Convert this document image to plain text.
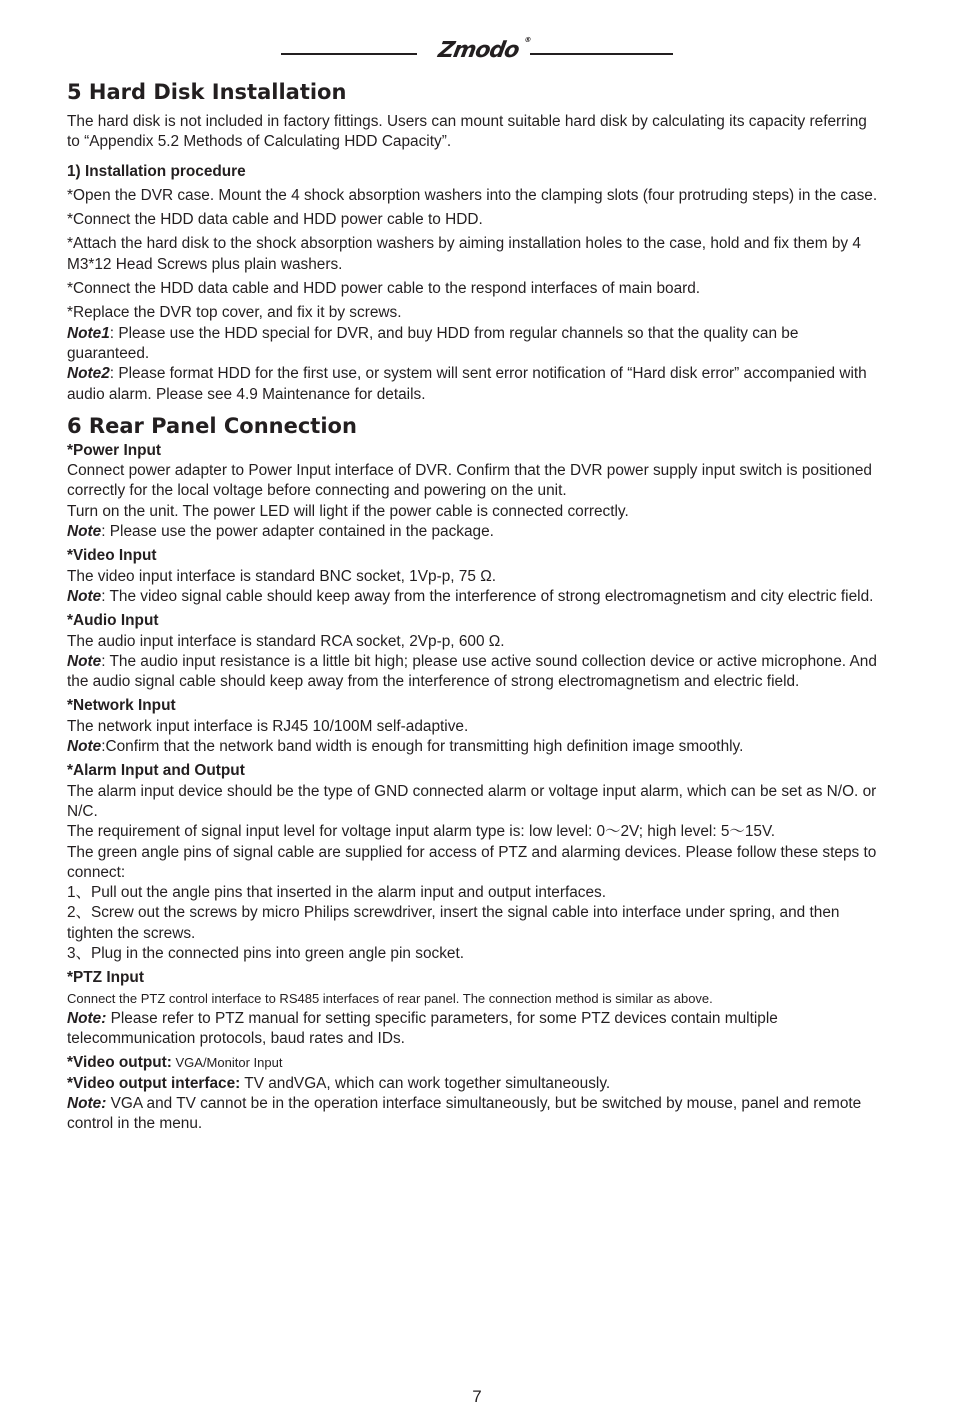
Zmodo ®
5 Hard Disk Installation

The hard disk is not included in factory fittings. Users can mount suitable hard disk by calculating its capacity referring to “Appendix 5.2 Methods of Calculating HDD Capacity”.

1) Installation procedure

*Open the DVR case. Mount the 4 shock absorption washers into the clamping slots (four protruding steps) in the case.

*Connect the HDD data cable and HDD power cable to HDD.

*Attach the hard disk to the shock absorption washers by aiming installation holes to the case, hold and fix them by 4 M3*12 Head Screws plus plain washers.

*Connect the HDD data cable and HDD power cable to the respond interfaces of main board.

*Replace the DVR top cover, and fix it by screws.

Note1: Please use the HDD special for DVR, and buy HDD from regular channels so that the quality can be guaranteed.

Note2: Please format HDD for the first use, or system will sent error notification of “Hard disk error” accompanied with audio alarm. Please see 4.9 Maintenance for details.

6 Rear Panel Connection

*Power Input

Connect power adapter to Power Input interface of DVR. Confirm that the DVR power supply input switch is positioned correctly for the local voltage before connecting and powering on the unit.

Turn on the unit. The power LED will light if the power cable is connected correctly.

Note: Please use the power adapter contained in the package.

*Video Input

The video input interface is standard BNC socket, 1Vp-p, 75 Ω.

Note: The video signal cable should keep away from the interference of strong electromagnetism and city electric field.

*Audio Input

The audio input interface is standard RCA socket, 2Vp-p, 600 Ω.

Note: The audio input resistance is a little bit high; please use active sound collection device or active microphone. And the audio signal cable should keep away from the interference of strong electromagnetism and electric field.

*Network Input

The network input interface is RJ45 10/100M self-adaptive.

Note:Confirm that the network band width is enough for transmitting high definition image smoothly.

*Alarm Input and Output

The alarm input device should be the type of GND connected alarm or voltage input alarm, which can be set as N/O. or N/C.

The requirement of signal input level for voltage input alarm type is: low level: 0～2V; high level: 5～15V.

The green angle pins of signal cable are supplied for access of PTZ and alarming devices. Please follow these steps to connect:

1、Pull out the angle pins that inserted in the alarm input and output interfaces.

2、Screw out the screws by micro Philips screwdriver, insert the signal cable into interface under spring, and then tighten the screws.

3、Plug in the connected pins into green angle pin socket.

*PTZ Input

Connect the PTZ control interface to RS485 interfaces of rear panel. The connection method is similar as above.

Note: Please refer to PTZ manual for setting specific parameters, for some PTZ devices contain multiple telecommunication protocols, baud rates and IDs.

*Video output: VGA/Monitor Input

*Video output interface: TV andVGA, which can work together simultaneously.

Note: VGA and TV cannot be in the operation interface simultaneously, but be switched by mouse, panel and remote control in the menu.

7
